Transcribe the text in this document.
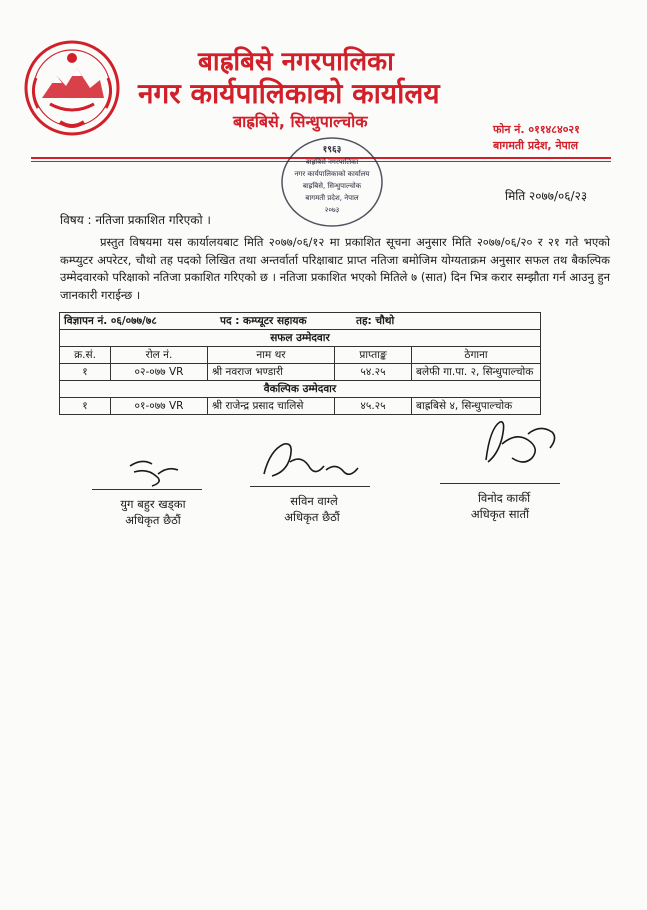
बाह्रबिसे नगरपालिका
नगर कार्यपालिकाको कार्यालय
बाह्रबिसे, सिन्धुपाल्चोक	फोन नं. ०११४८४०२१
बागमती प्रदेश, नेपाल
१९६३
बाह्रबिसे नगरपालिका
नगर कार्यपालिकाको कार्यालय
बाह्रबिसे, सिन्धुपाल्चोक
बागमती प्रदेश, नेपाल
२०७३
मिति २०७७/०६/२३
विषय : नतिजा प्रकाशित गरिएको ।
प्रस्तुत विषयमा यस कार्यालयबाट मिति २०७७/०६/१२ मा प्रकाशित सूचना अनुसार मिति २०७७/०६/२० र २१ गते भएको कम्प्युटर अपरेटर, चौथो तह पदको लिखित तथा अन्तर्वार्ता परिक्षाबाट प्राप्त नतिजा बमोजिम योग्यताक्रम अनुसार सफल तथ बैकल्पिक उम्मेदवारको परिक्षाको नतिजा प्रकाशित गरिएको छ । नतिजा प्रकाशित भएको मितिले ७ (सात) दिन भित्र करार सम्झौता गर्न आउनु हुन जानकारी गराईन्छ ।
विज्ञापन नं. ०६/०७७/७८ पद : कम्प्यूटर सहायक तह: चौथो				
सफल उम्मेदवार				
क्र.सं.	रोल नं.	नाम थर	प्राप्ताङ्क	ठेगाना
१	०२-०७७ VR	श्री नवराज भण्डारी	५४.२५	बलेफी गा.पा. २, सिन्धुपाल्चोक
वैकल्पिक उम्मेदवार				
१	०१-०७७ VR	श्री राजेन्द्र प्रसाद चालिसे	४५.२५	बाह्रबिसे ४, सिन्धुपाल्चोक
युग बहुर खड्का
अधिकृत छैठौं
सविन वाग्ले
अधिकृत छैठौं
विनोद कार्की
अधिकृत सातौं
